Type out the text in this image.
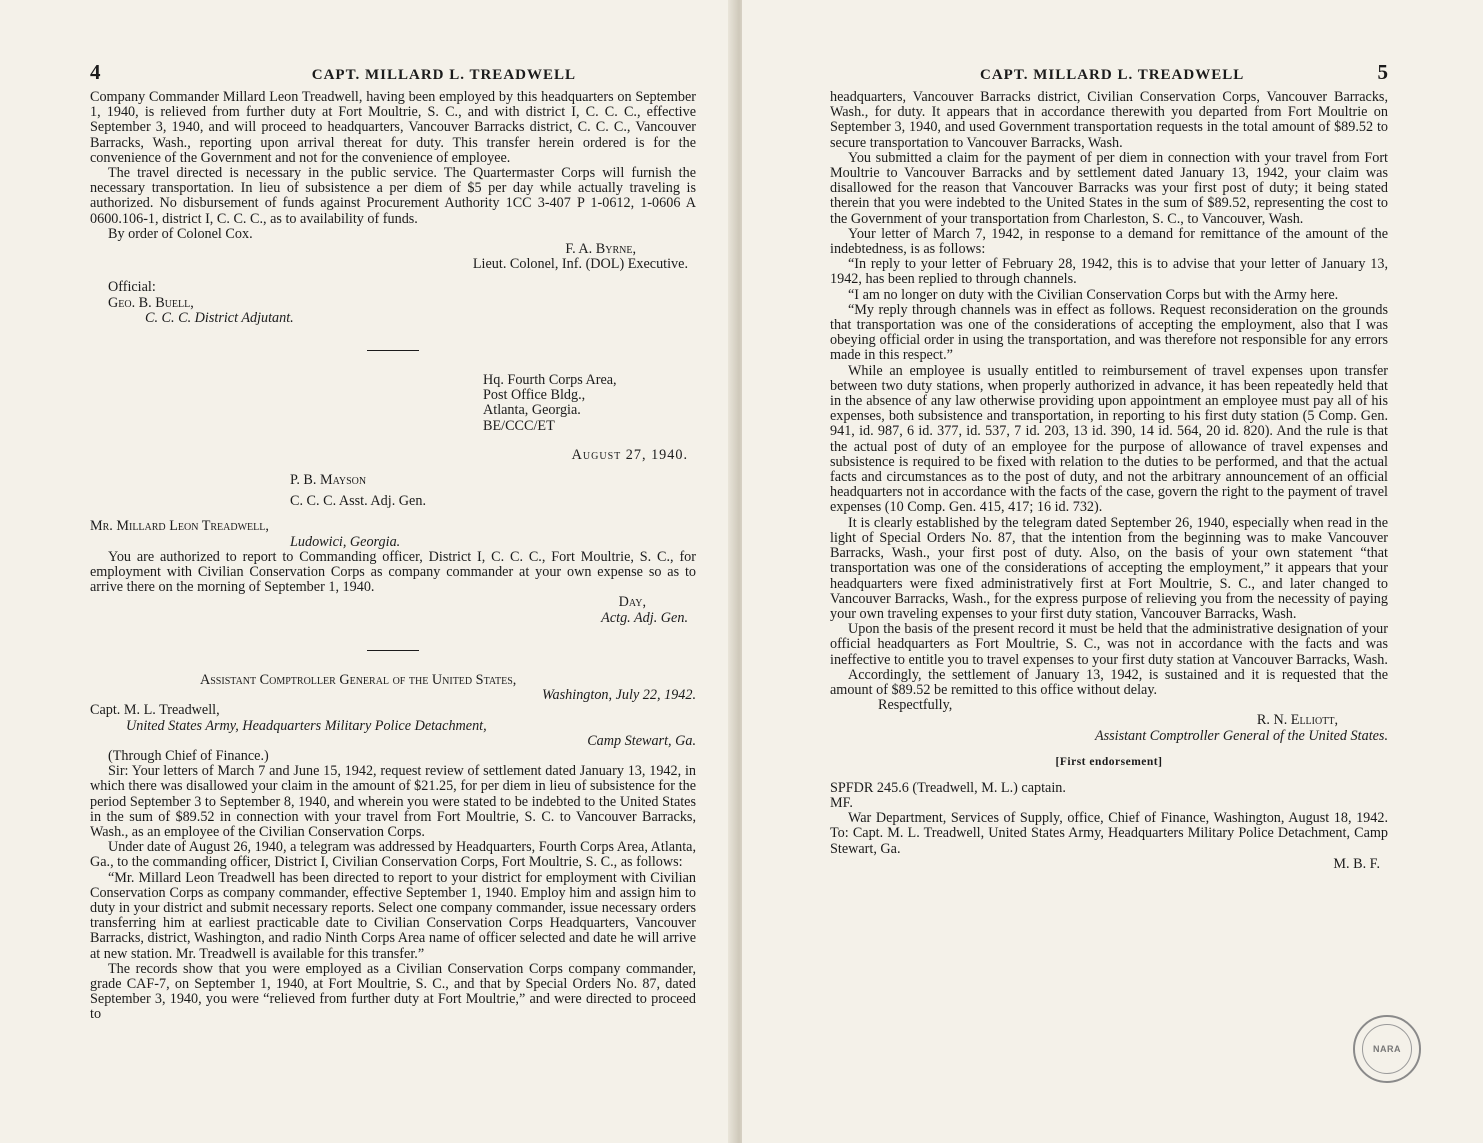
4	CAPT. MILLARD L. TREADWELL

Company Commander Millard Leon Treadwell, having been employed by this headquarters on September 1, 1940, is relieved from further duty at Fort Moultrie, S. C., and with district I, C. C. C., effective September 3, 1940, and will proceed to headquarters, Vancouver Barracks district, C. C. C., Vancouver Barracks, Wash., reporting upon arrival thereat for duty. This transfer herein ordered is for the convenience of the Government and not for the convenience of employee.

The travel directed is necessary in the public service. The Quartermaster Corps will furnish the necessary transportation. In lieu of subsistence a per diem of $5 per day while actually traveling is authorized. No disbursement of funds against Procurement Authority 1CC 3-407 P 1-0612, 1-0606 A 0600.106-1, district I, C. C. C., as to availability of funds.

By order of Colonel Cox.

F. A. Byrne,

Lieut. Colonel, Inf. (DOL) Executive.

Official:

Geo. B. Buell,

C. C. C. District Adjutant.

Hq. Fourth Corps Area,

Post Office Bldg.,

Atlanta, Georgia.

BE/CCC/ET

August 27, 1940.

P. B. Mayson

C. C. C. Asst. Adj. Gen.

Mr. Millard Leon Treadwell,

Ludowici, Georgia.

You are authorized to report to Commanding officer, District I, C. C. C., Fort Moultrie, S. C., for employment with Civilian Conservation Corps as company commander at your own expense so as to arrive there on the morning of September 1, 1940.

Day,

Actg. Adj. Gen.

Assistant Comptroller General of the United States,

Washington, July 22, 1942.

Capt. M. L. Treadwell,

United States Army, Headquarters Military Police Detachment,

Camp Stewart, Ga.

(Through Chief of Finance.)

Sir: Your letters of March 7 and June 15, 1942, request review of settlement dated January 13, 1942, in which there was disallowed your claim in the amount of $21.25, for per diem in lieu of subsistence for the period September 3 to September 8, 1940, and wherein you were stated to be indebted to the United States in the sum of $89.52 in connection with your travel from Fort Moultrie, S. C. to Vancouver Barracks, Wash., as an employee of the Civilian Conservation Corps.

Under date of August 26, 1940, a telegram was addressed by Headquarters, Fourth Corps Area, Atlanta, Ga., to the commanding officer, District I, Civilian Conservation Corps, Fort Moultrie, S. C., as follows:

“Mr. Millard Leon Treadwell has been directed to report to your district for employment with Civilian Conservation Corps as company commander, effective September 1, 1940. Employ him and assign him to duty in your district and submit necessary reports. Select one company commander, issue necessary orders transferring him at earliest practicable date to Civilian Conservation Corps Headquarters, Vancouver Barracks, district, Washington, and radio Ninth Corps Area name of officer selected and date he will arrive at new station. Mr. Treadwell is available for this transfer.”

The records show that you were employed as a Civilian Conservation Corps company commander, grade CAF-7, on September 1, 1940, at Fort Moultrie, S. C., and that by Special Orders No. 87, dated September 3, 1940, you were “relieved from further duty at Fort Moultrie,” and were directed to proceed to

CAPT. MILLARD L. TREADWELL	5

headquarters, Vancouver Barracks district, Civilian Conservation Corps, Vancouver Barracks, Wash., for duty. It appears that in accordance therewith you departed from Fort Moultrie on September 3, 1940, and used Government transportation requests in the total amount of $89.52 to secure transportation to Vancouver Barracks, Wash.

You submitted a claim for the payment of per diem in connection with your travel from Fort Moultrie to Vancouver Barracks and by settlement dated January 13, 1942, your claim was disallowed for the reason that Vancouver Barracks was your first post of duty; it being stated therein that you were indebted to the United States in the sum of $89.52, representing the cost to the Government of your transportation from Charleston, S. C., to Vancouver, Wash.

Your letter of March 7, 1942, in response to a demand for remittance of the amount of the indebtedness, is as follows:

“In reply to your letter of February 28, 1942, this is to advise that your letter of January 13, 1942, has been replied to through channels.

“I am no longer on duty with the Civilian Conservation Corps but with the Army here.

“My reply through channels was in effect as follows. Request reconsideration on the grounds that transportation was one of the considerations of accepting the employment, also that I was obeying official order in using the transportation, and was therefore not responsible for any errors made in this respect.”

While an employee is usually entitled to reimbursement of travel expenses upon transfer between two duty stations, when properly authorized in advance, it has been repeatedly held that in the absence of any law otherwise providing upon appointment an employee must pay all of his expenses, both subsistence and transportation, in reporting to his first duty station (5 Comp. Gen. 941, id. 987, 6 id. 377, id. 537, 7 id. 203, 13 id. 390, 14 id. 564, 20 id. 820). And the rule is that the actual post of duty of an employee for the purpose of allowance of travel expenses and subsistence is required to be fixed with relation to the duties to be performed, and that the actual facts and circumstances as to the post of duty, and not the arbitrary announcement of an official headquarters not in accordance with the facts of the case, govern the right to the payment of travel expenses (10 Comp. Gen. 415, 417; 16 id. 732).

It is clearly established by the telegram dated September 26, 1940, especially when read in the light of Special Orders No. 87, that the intention from the beginning was to make Vancouver Barracks, Wash., your first post of duty. Also, on the basis of your own statement “that transportation was one of the considerations of accepting the employment,” it appears that your headquarters were fixed administratively first at Fort Moultrie, S. C., and later changed to Vancouver Barracks, Wash., for the express purpose of relieving you from the necessity of paying your own traveling expenses to your first duty station, Vancouver Barracks, Wash.

Upon the basis of the present record it must be held that the administrative designation of your official headquarters as Fort Moultrie, S. C., was not in accordance with the facts and was ineffective to entitle you to travel expenses to your first duty station at Vancouver Barracks, Wash.

Accordingly, the settlement of January 13, 1942, is sustained and it is requested that the amount of $89.52 be remitted to this office without delay.

Respectfully,

R. N. Elliott,

Assistant Comptroller General of the United States.

[First endorsement]

SPFDR 245.6 (Treadwell, M. L.) captain.

MF.

War Department, Services of Supply, office, Chief of Finance, Washington, August 18, 1942. To: Capt. M. L. Treadwell, United States Army, Headquarters Military Police Detachment, Camp Stewart, Ga.

M. B. F.

NARA
